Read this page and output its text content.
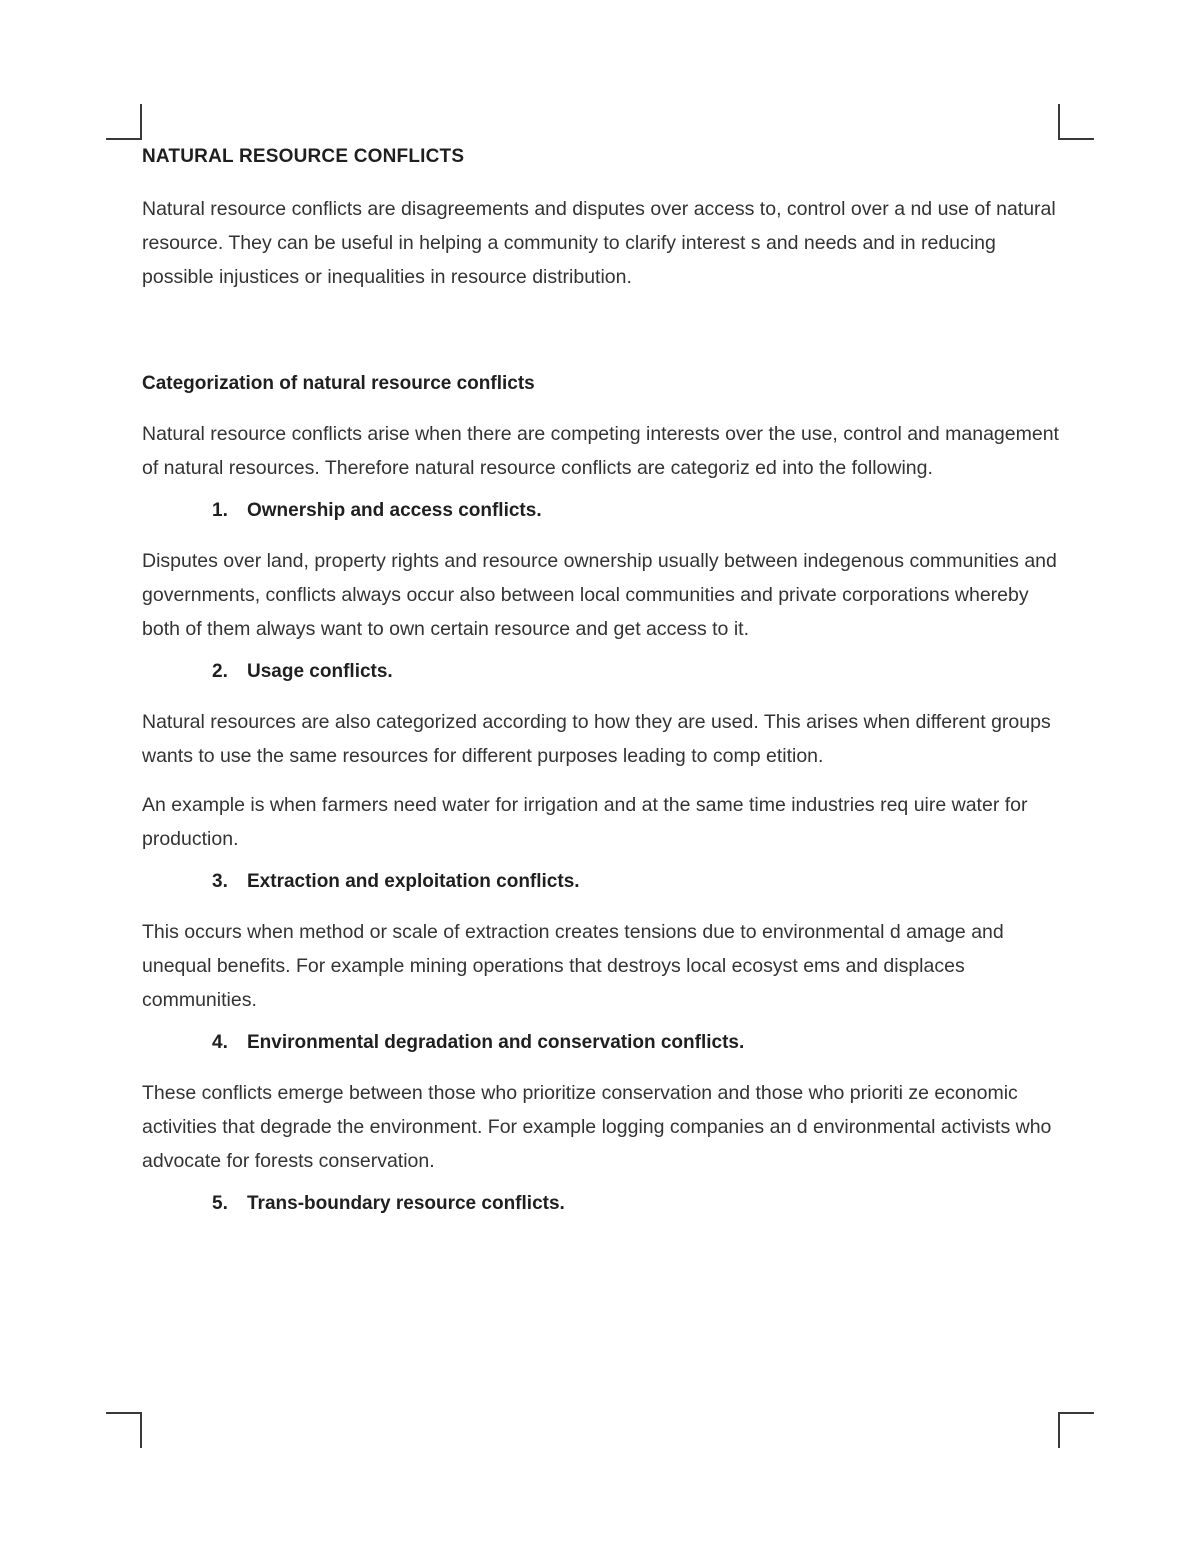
NATURAL RESOURCE CONFLICTS

Natural resource conflicts are disagreements and disputes over access to, control over a nd use of natural resource. They can be useful in helping a community to clarify interest s and needs and in reducing possible injustices or inequalities in resource distribution.

Categorization of natural resource conflicts

Natural resource conflicts arise when there are competing interests over the use, control and management of natural resources. Therefore natural resource conflicts are categoriz ed into the following.

1.	Ownership and access conflicts.

Disputes over land, property rights and resource ownership usually between indegenous communities and governments, conflicts always occur also between local communities and private corporations whereby both of them always want to own certain resource and get access to it.

2.	Usage conflicts.

Natural resources are also categorized according to how they are used. This arises when different groups wants to use the same resources for different purposes leading to comp etition.

An example is when farmers need water for irrigation and at the same time industries req uire water for production.

3.	Extraction and exploitation conflicts.

This occurs when method or scale of extraction creates tensions due to environmental d amage and unequal benefits. For example mining operations that destroys local ecosyst ems and displaces communities.

4.	Environmental degradation and conservation conflicts.

These conflicts emerge between those who prioritize conservation and those who prioriti ze economic activities that degrade the environment. For example logging companies an d environmental activists who advocate for forests conservation.

5.	Trans-boundary resource conflicts.
